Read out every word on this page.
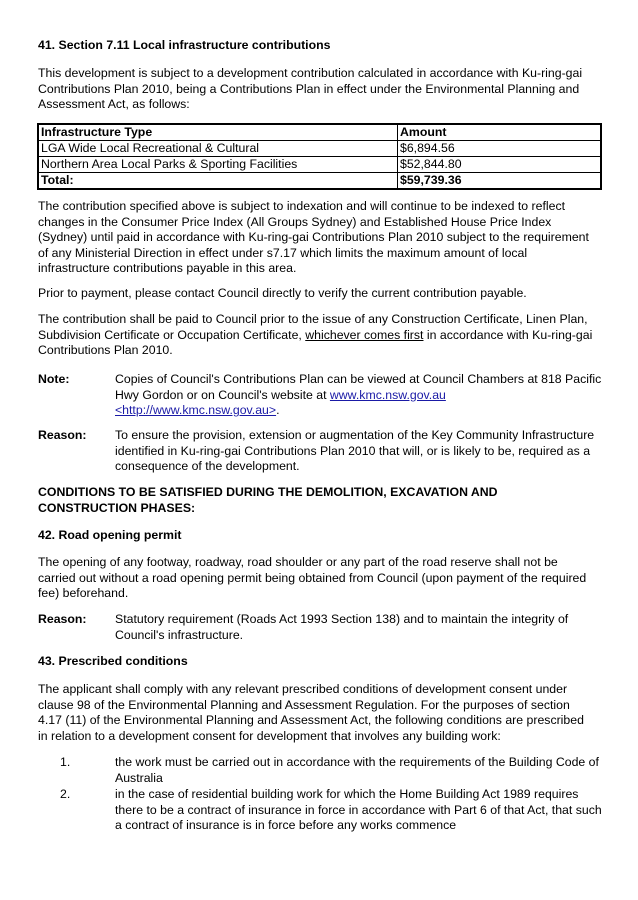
41. Section 7.11 Local infrastructure contributions
This development is subject to a development contribution calculated in accordance with Ku-ring-gai Contributions Plan 2010, being a Contributions Plan in effect under the Environmental Planning and Assessment Act, as follows:
Infrastructure Type	Amount
LGA Wide Local Recreational & Cultural	$6,894.56
Northern Area Local Parks & Sporting Facilities	$52,844.80
Total:	$59,739.36
The contribution specified above is subject to indexation and will continue to be indexed to reflect changes in the Consumer Price Index (All Groups Sydney) and Established House Price Index (Sydney) until paid in accordance with Ku-ring-gai Contributions Plan 2010 subject to the requirement of any Ministerial Direction in effect under s7.17 which limits the maximum amount of local infrastructure contributions payable in this area.
Prior to payment, please contact Council directly to verify the current contribution payable.
The contribution shall be paid to Council prior to the issue of any Construction Certificate, Linen Plan, Subdivision Certificate or Occupation Certificate, whichever comes first in accordance with Ku-ring-gai Contributions Plan 2010.
Note:	Copies of Council's Contributions Plan can be viewed at Council Chambers at 818 Pacific Hwy Gordon or on Council's website at www.kmc.nsw.gov.au <http://www.kmc.nsw.gov.au>.
Reason: To ensure the provision, extension or augmentation of the Key Community Infrastructure identified in Ku-ring-gai Contributions Plan 2010 that will, or is likely to be, required as a consequence of the development.
CONDITIONS TO BE SATISFIED DURING THE DEMOLITION, EXCAVATION AND CONSTRUCTION PHASES:
42. Road opening permit
The opening of any footway, roadway, road shoulder or any part of the road reserve shall not be carried out without a road opening permit being obtained from Council (upon payment of the required fee) beforehand.
Reason: Statutory requirement (Roads Act 1993 Section 138) and to maintain the integrity of Council's infrastructure.
43. Prescribed conditions
The applicant shall comply with any relevant prescribed conditions of development consent under clause 98 of the Environmental Planning and Assessment Regulation. For the purposes of section 4.17 (11) of the Environmental Planning and Assessment Act, the following conditions are prescribed in relation to a development consent for development that involves any building work:
1.	the work must be carried out in accordance with the requirements of the Building Code of Australia
2.	in the case of residential building work for which the Home Building Act 1989 requires there to be a contract of insurance in force in accordance with Part 6 of that Act, that such a contract of insurance is in force before any works commence
